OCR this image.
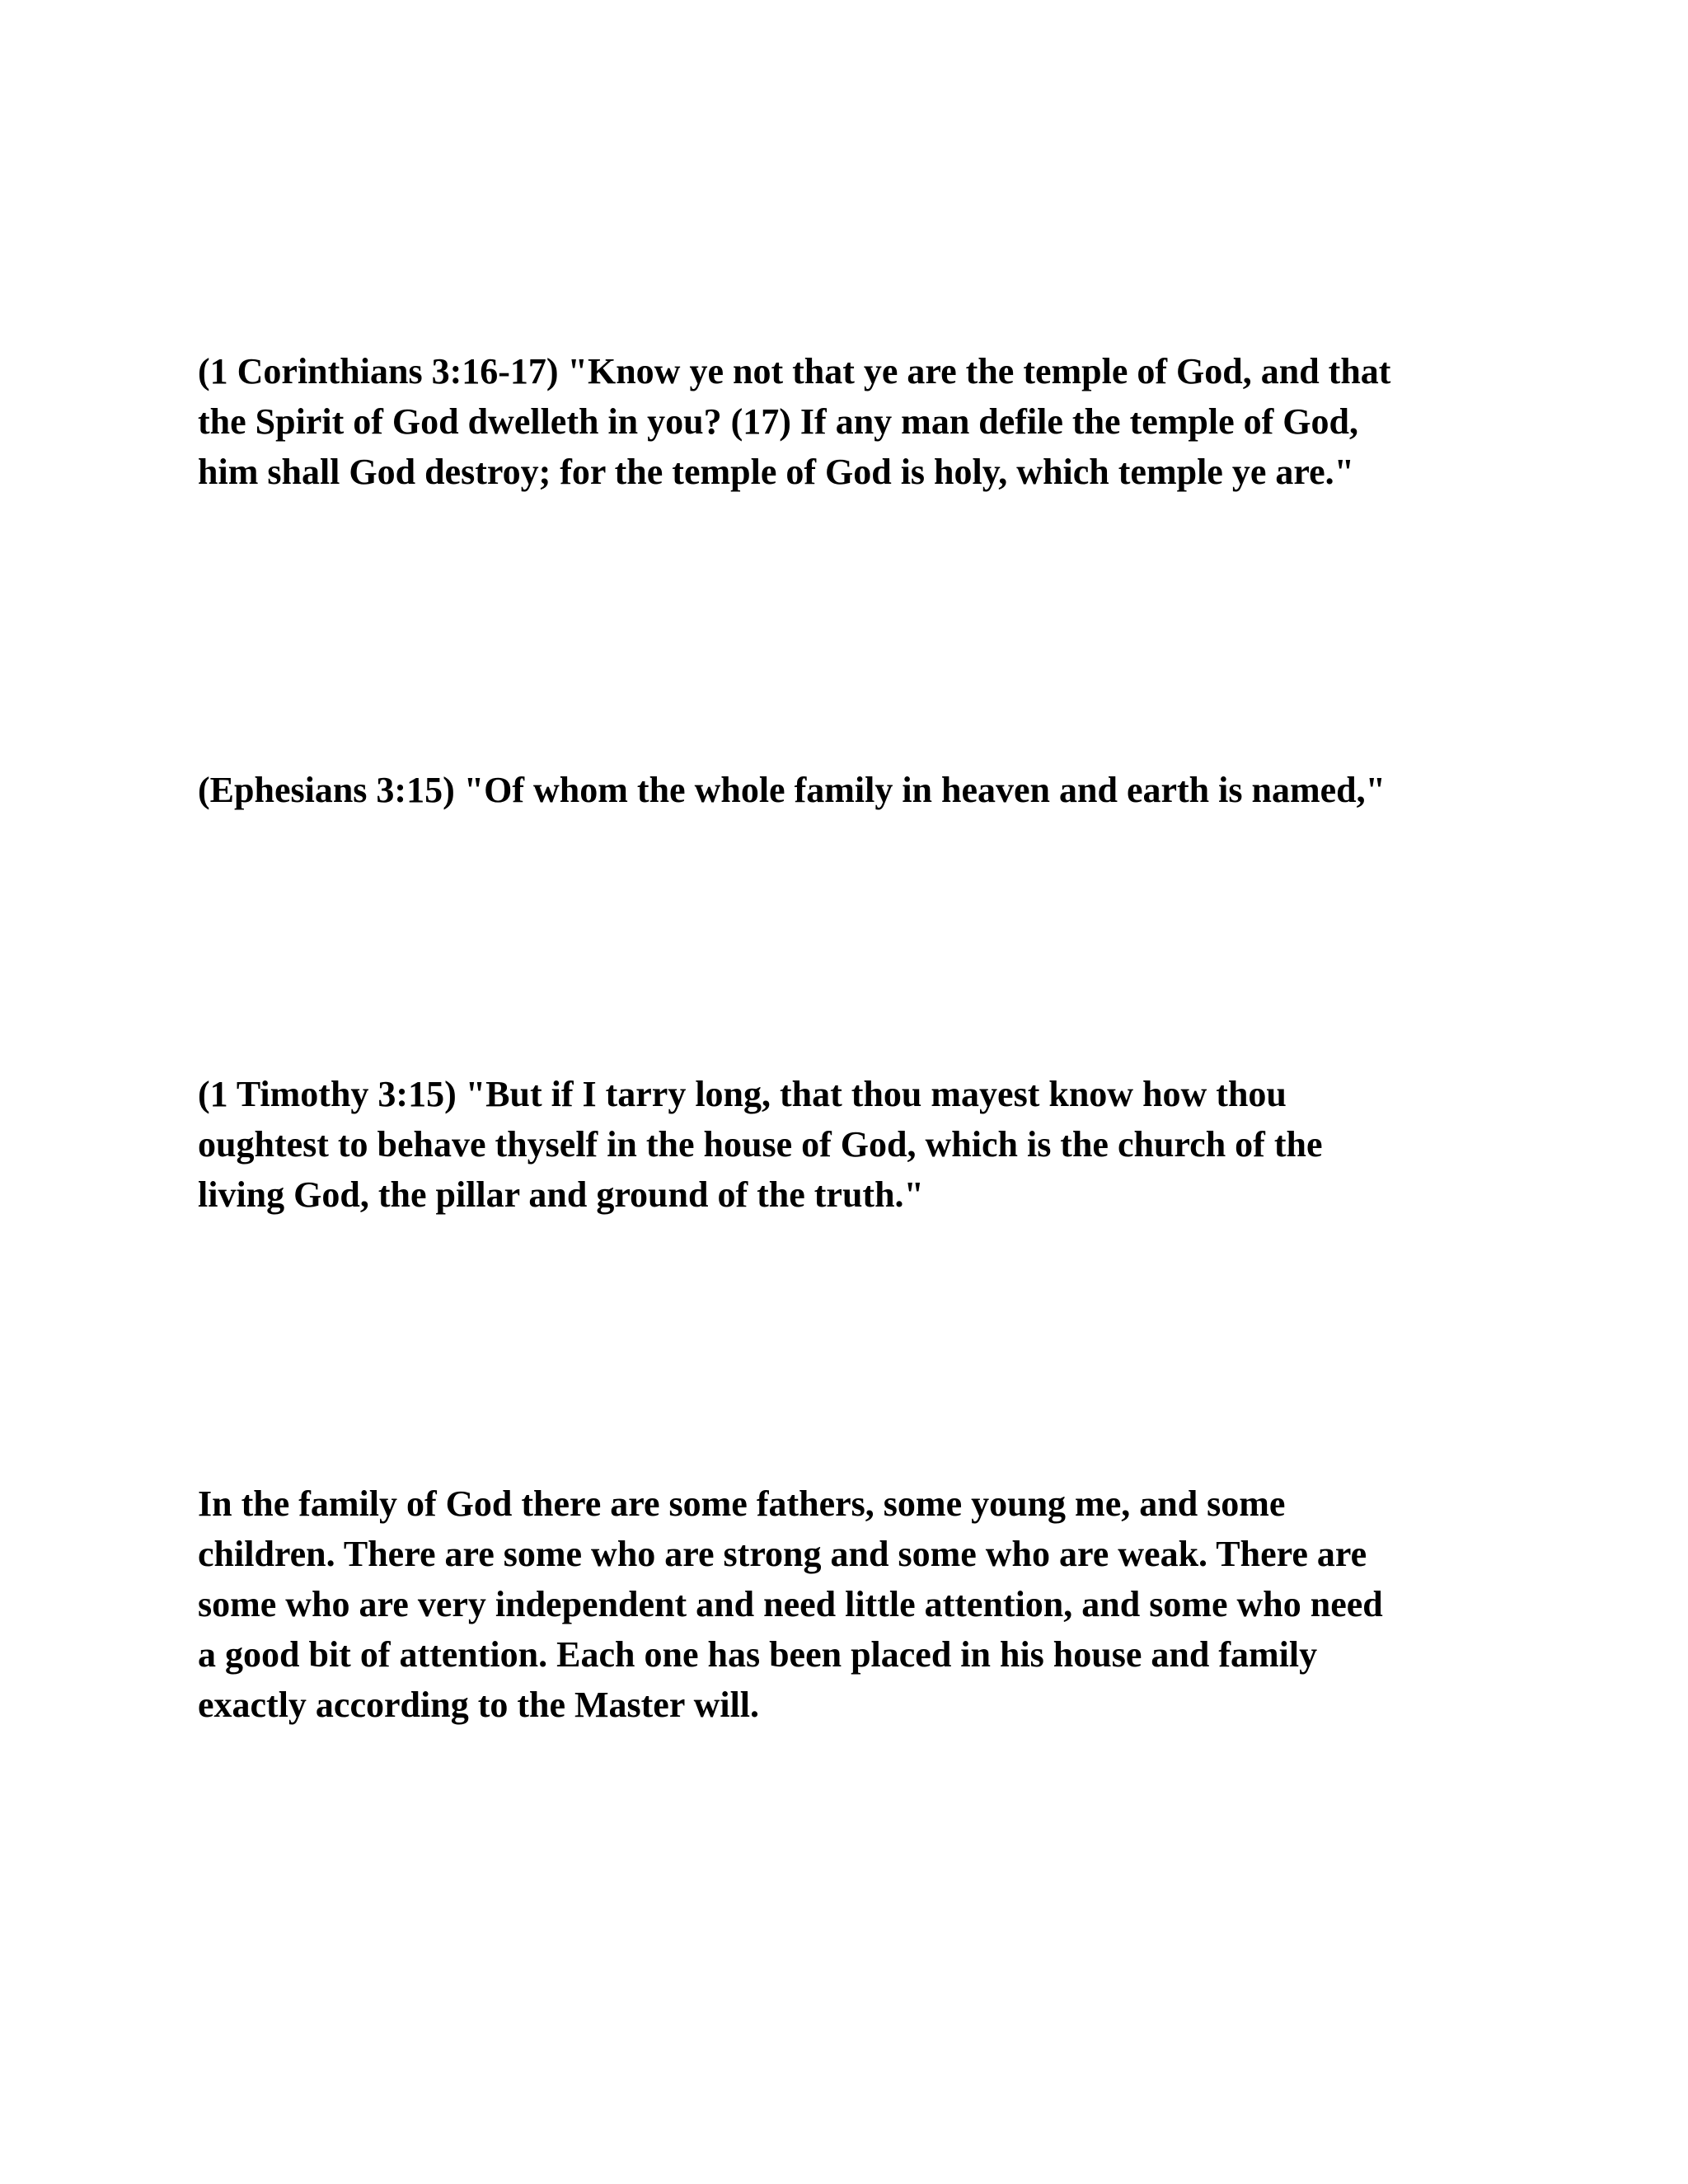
(1 Corinthians 3:16-17) "Know ye not that ye are the temple of God, and that
the Spirit of God dwelleth in you? (17) If any man defile the temple of God,
him shall God destroy; for the temple of God is holy, which temple ye are."
(Ephesians 3:15) "Of whom the whole family in heaven and earth is named,"
(1 Timothy 3:15) "But if I tarry long, that thou mayest know how thou
oughtest to behave thyself in the house of God, which is the church of the
living God, the pillar and ground of the truth."
In the family of God there are some fathers, some young me, and some
children. There are some who are strong and some who are weak. There are
some who are very independent and need little attention, and some who need
a good bit of attention. Each one has been placed in his house and family
exactly according to the Master will.
